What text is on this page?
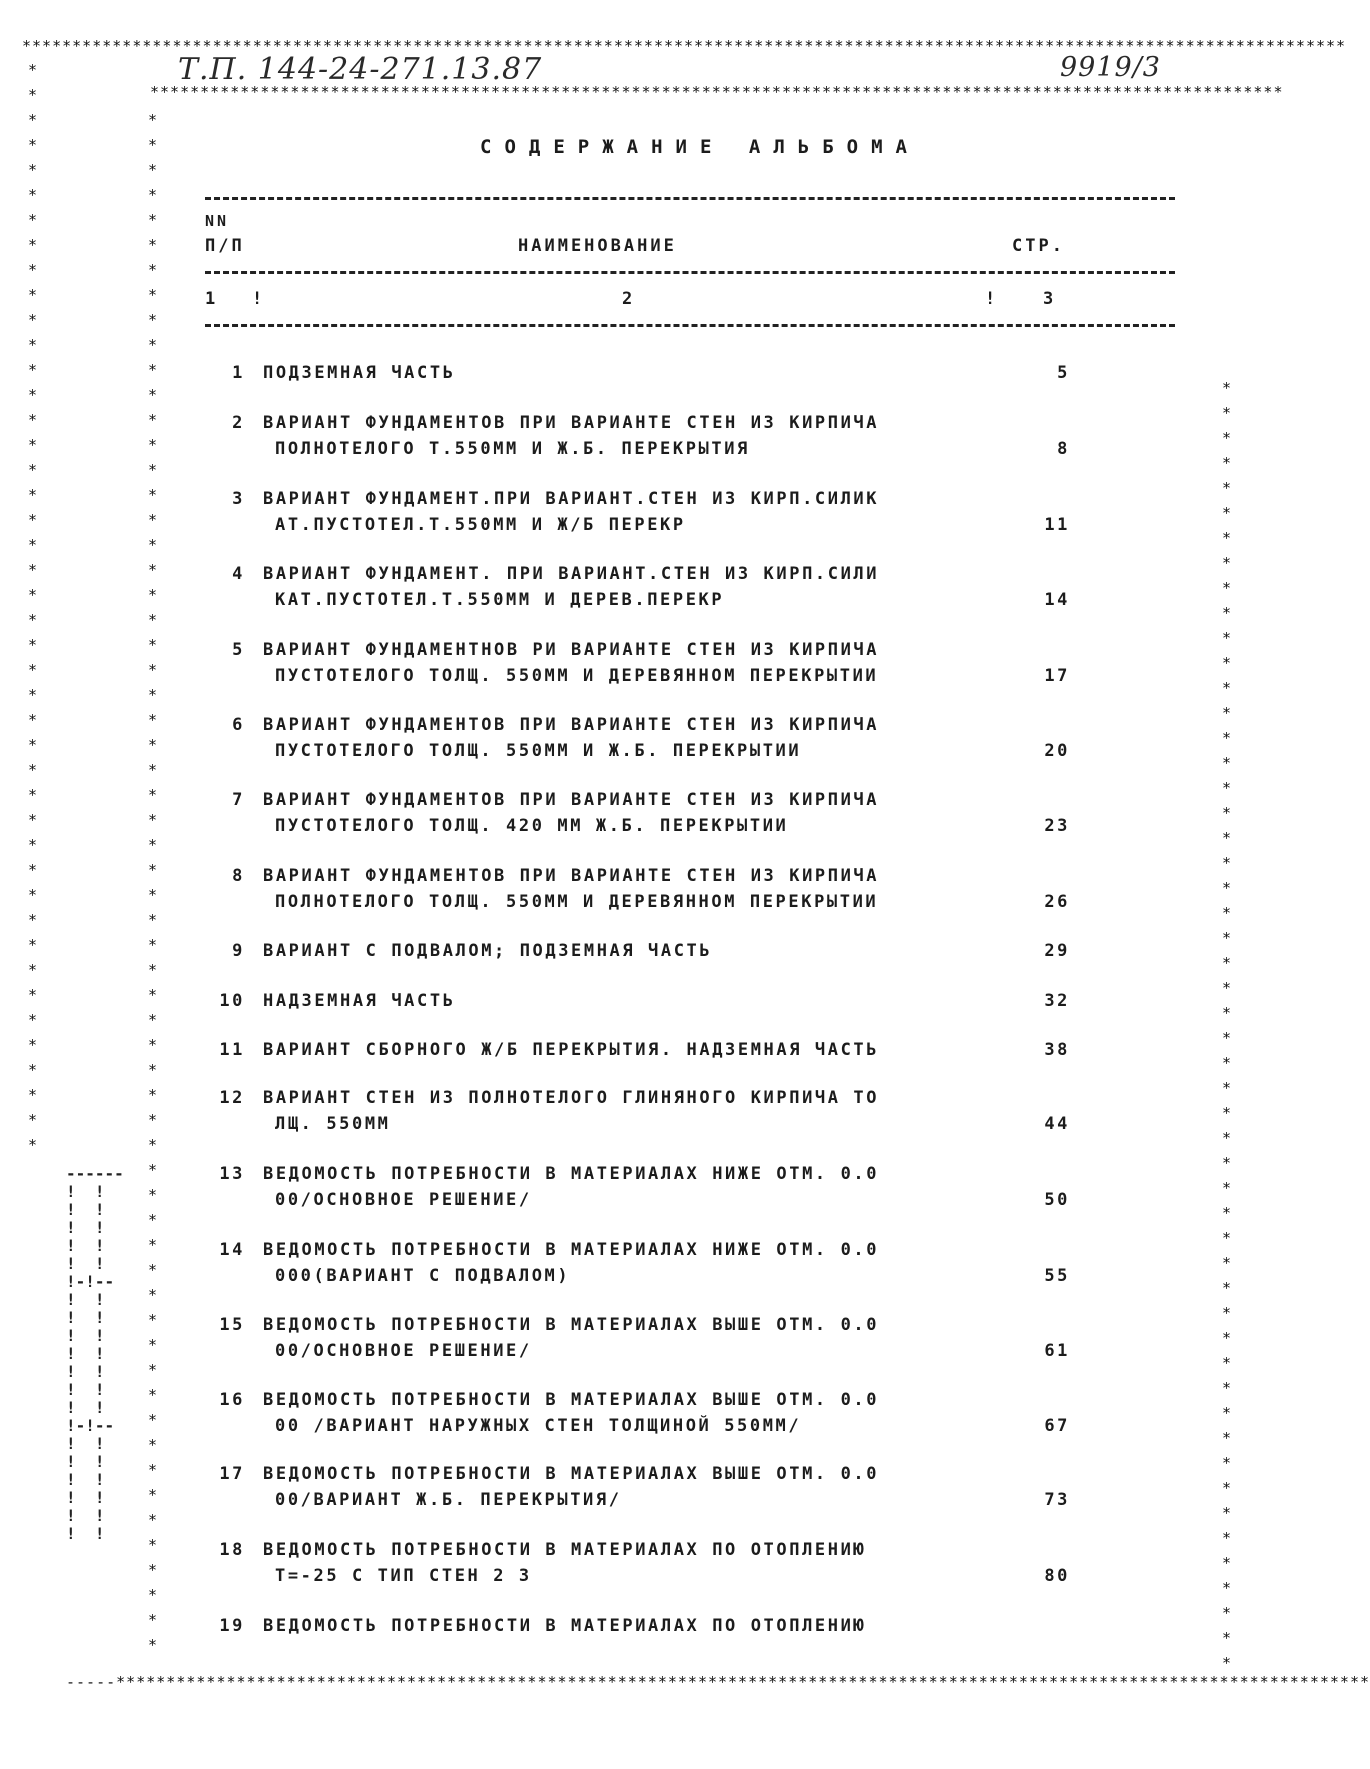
************************************************************************************************************************************
*****************************************************************************************************************
Т.П. 144-24-271.13.87	9919/3
*
*
*
*
*
*
*
*
*
*
*
*
*
*
*
*
*
*
*
*
*
*
*
*
*
*
*
*
*
*
*
*
*
*
*
*
*
*
*
*
*
*
*
*
*
*
*
*
*
*
*
*
*
*
*
*
*
*
*
*
*
*
*
*
*
*
*
*
*
*
*
*
*
*
*
*
*
*
*
*
*
*
*
*
*
*
*
*
*
*
*
*
*
*
*
*
*
*
*
*
*
*
*
*
*
*
*
*
*
*
*
*
*
*
*
*
*
*
*
*
*
*
*
*
*
*
*
*
*
*
*
*
*
*
*
*
*
*
*
*
*
*
*
*
*
*
*
*
*
*
*
*
*
*
*
*
*
*
СОДЕРЖАНИЕ АЛЬБОМА
NN
П/П	НАИМЕНОВАНИЕ	СТР.
1 !	2	!	3
1 ПОДЗЕМНАЯ ЧАСТЬ	5
2 ВАРИАНТ ФУНДАМЕНТОВ ПРИ ВАРИАНТЕ СТЕН ИЗ КИРПИЧА
ПОЛНОТЕЛОГО Т.550ММ И Ж.Б. ПЕРЕКРЫТИЯ	8
3 ВАРИАНТ ФУНДАМЕНТ.ПРИ ВАРИАНТ.СТЕН ИЗ КИРП.СИЛИК
АТ.ПУСТОТЕЛ.Т.550ММ И Ж/Б ПЕРЕКР	11
4 ВАРИАНТ ФУНДАМЕНТ. ПРИ ВАРИАНТ.СТЕН ИЗ КИРП.СИЛИ
КАТ.ПУСТОТЕЛ.Т.550ММ И ДЕРЕВ.ПЕРЕКР	14
5 ВАРИАНТ ФУНДАМЕНТНОВ РИ ВАРИАНТЕ СТЕН ИЗ КИРПИЧА
ПУСТОТЕЛОГО ТОЛЩ. 550ММ И ДЕРЕВЯННОМ ПЕРЕКРЫТИИ	17
6 ВАРИАНТ ФУНДАМЕНТОВ ПРИ ВАРИАНТЕ СТЕН ИЗ КИРПИЧА
ПУСТОТЕЛОГО ТОЛЩ. 550ММ И Ж.Б. ПЕРЕКРЫТИИ	20
7 ВАРИАНТ ФУНДАМЕНТОВ ПРИ ВАРИАНТЕ СТЕН ИЗ КИРПИЧА
ПУСТОТЕЛОГО ТОЛЩ. 420 ММ Ж.Б. ПЕРЕКРЫТИИ	23
8 ВАРИАНТ ФУНДАМЕНТОВ ПРИ ВАРИАНТЕ СТЕН ИЗ КИРПИЧА
ПОЛНОТЕЛОГО ТОЛЩ. 550ММ И ДЕРЕВЯННОМ ПЕРЕКРЫТИИ	26
9 ВАРИАНТ С ПОДВАЛОМ; ПОДЗЕМНАЯ ЧАСТЬ	29
10 НАДЗЕМНАЯ ЧАСТЬ	32
11 ВАРИАНТ СБОРНОГО Ж/Б ПЕРЕКРЫТИЯ. НАДЗЕМНАЯ ЧАСТЬ	38
12 ВАРИАНТ СТЕН ИЗ ПОЛНОТЕЛОГО ГЛИНЯНОГО КИРПИЧА ТО
ЛЩ. 550ММ	44
13 ВЕДОМОСТЬ ПОТРЕБНОСТИ В МАТЕРИАЛАХ НИЖЕ ОТМ. 0.0
00/ОСНОВНОЕ РЕШЕНИЕ/	50
14 ВЕДОМОСТЬ ПОТРЕБНОСТИ В МАТЕРИАЛАХ НИЖЕ ОТМ. 0.0
000(ВАРИАНТ С ПОДВАЛОМ)	55
15 ВЕДОМОСТЬ ПОТРЕБНОСТИ В МАТЕРИАЛАХ ВЫШЕ ОТМ. 0.0
00/ОСНОВНОЕ РЕШЕНИЕ/	61
16 ВЕДОМОСТЬ ПОТРЕБНОСТИ В МАТЕРИАЛАХ ВЫШЕ ОТМ. 0.0
00 /ВАРИАНТ НАРУЖНЫХ СТЕН ТОЛЩИНОЙ 550ММ/	67
17 ВЕДОМОСТЬ ПОТРЕБНОСТИ В МАТЕРИАЛАХ ВЫШЕ ОТМ. 0.0
00/ВАРИАНТ Ж.Б. ПЕРЕКРЫТИЯ/	73
18 ВЕДОМОСТЬ ПОТРЕБНОСТИ В МАТЕРИАЛАХ ПО ОТОПЛЕНИЮ
Т=-25 С ТИП СТЕН 2 3	80
19 ВЕДОМОСТЬ ПОТРЕБНОСТИ В МАТЕРИАЛАХ ПО ОТОПЛЕНИЮ
------
!  !
!  !
!  !
!  !
!  !
!-!--
!  !
!  !
!  !
!  !
!  !
!  !
!  !
!-!--
!  !
!  !
!  !
!  !
!  !
!  !
-----*****************************************************************************************************************************
